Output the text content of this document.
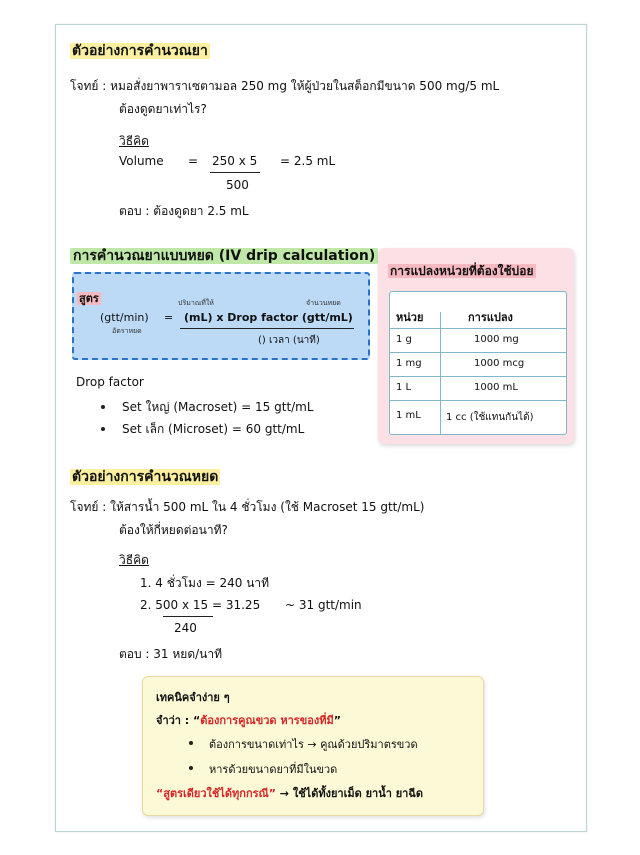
ตัวอย่างการคำนวณยา
โจทย์ : หมอสั่งยาพาราเซตามอล 250 mg ให้ผู้ป่วยในสต็อกมีขนาด 500 mg/5 mL
ต้องดูดยาเท่าไร?
วิธีคิด
Volume = 250 x 5
500
= 2.5 mL
ตอบ : ต้องดูดยา 2.5 mL
การคำนวณยาแบบหยด (IV drip calculation)
สูตร
(gtt/min)
อัตราหยด
=
ปริมาณที่ให้	จำนวนหยด
(mL) x Drop factor (gtt/mL)
() เวลา (นาที)
Drop factor
Set ใหญ่ (Macroset) = 15 gtt/mL
Set เล็ก (Microset) = 60 gtt/mL
การแปลงหน่วยที่ต้องใช้บ่อย
หน่วย	การแปลง
1 g	1000 mg
1 mg	1000 mcg
1 L	1000 mL
1 mL	1 cc (ใช้แทนกันได้)
ตัวอย่างการคำนวณหยด
โจทย์ : ให้สารน้ำ 500 mL ใน 4 ชั่วโมง (ใช้ Macroset 15 gtt/mL)
ต้องให้กี่หยดต่อนาที?
วิธีคิด
1. 4 ชั่วโมง = 240 นาที
2. 500 x 15 = 31.25 ~ 31 gtt/min
240
ตอบ : 31 หยด/นาที
เทคนิคจำง่าย ๆ
จำว่า : “ต้องการคูณขวด หารของที่มี”
ต้องการขนาดเท่าไร → คูณด้วยปริมาตรขวด
หารด้วยขนาดยาที่มีในขวด
“สูตรเดียวใช้ได้ทุกกรณี” → ใช้ได้ทั้งยาเม็ด ยาน้ำ ยาฉีด
